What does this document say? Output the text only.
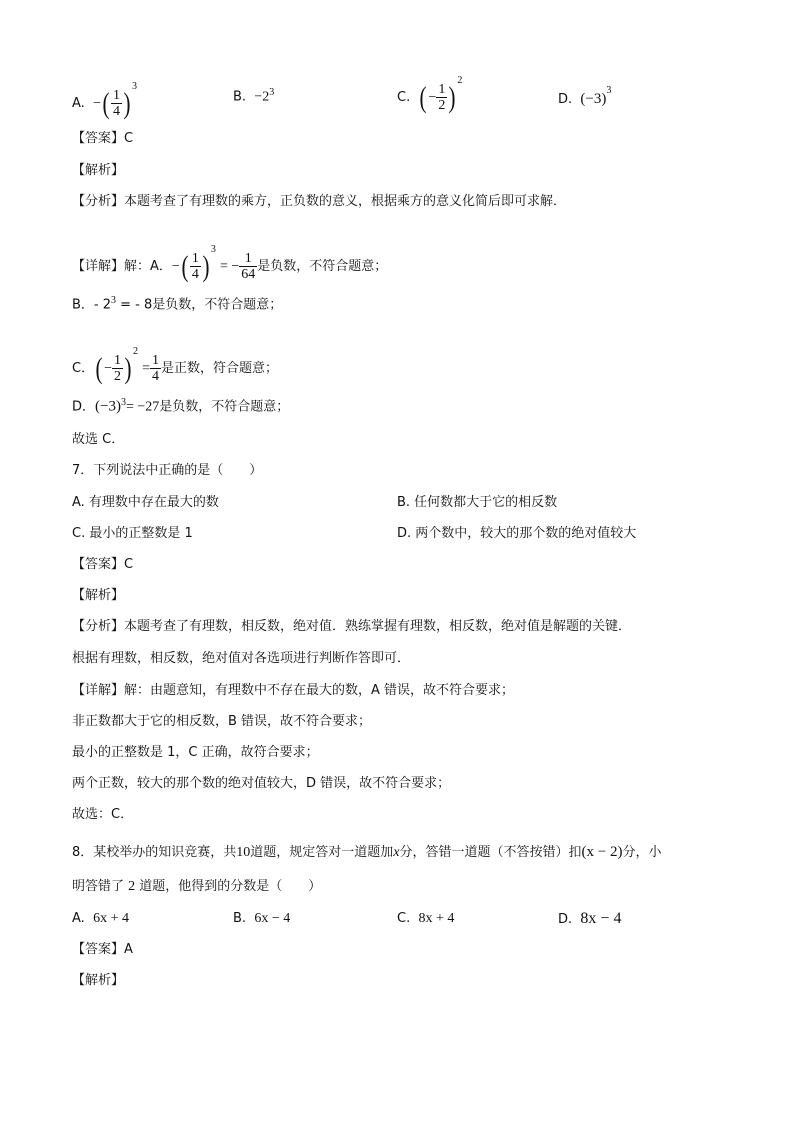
A. −( $\frac{1}{4}$ ) $^3$
B. $-2^3$	C. ( − $\frac{1}{2}$ ) $^2$
D. $(-3)^3$
【答案】C
【解析】
【分析】本题考查了有理数的乘方，正负数的意义，根据乘方的意义化简后即可求解．
【详解】解：A．−( $\frac{1}{4}$ ) $^3$ = − $\frac{1}{64}$ 是负数，不符合题意；
B．- $2^3$ = - 8是负数，不符合题意；
C．( − $\frac{1}{2}$ ) $^2 = \frac{1}{4}$ 是正数，符合题意；
D．$(-3)^3= -27$是负数，不符合题意；
故选 C．
7．下列说法中正确的是（　　）
A. 有理数中存在最大的数	B. 任何数都大于它的相反数
C. 最小的正整数是 1	D. 两个数中，较大的那个数的绝对值较大
【答案】C
【解析】
【分析】本题考查了有理数，相反数，绝对值．熟练掌握有理数，相反数，绝对值是解题的关键．
根据有理数，相反数，绝对值对各选项进行判断作答即可．
【详解】解：由题意知，有理数中不存在最大的数，A 错误，故不符合要求；
非正数都大于它的相反数，B 错误，故不符合要求；
最小的正整数是 1，C 正确，故符合要求；
两个正数，较大的那个数的绝对值较大，D 错误，故不符合要求；
故选：C．
8．某校举办的知识竞赛，共10道题，规定答对一道题加x分，答错一道题（不答按错）扣(x − 2)分，小
明答错了 2 道题，他得到的分数是（　　）
A. 6x + 4	B. 6x − 4	C. 8x + 4	D. 8x − 4
【答案】A
【解析】
